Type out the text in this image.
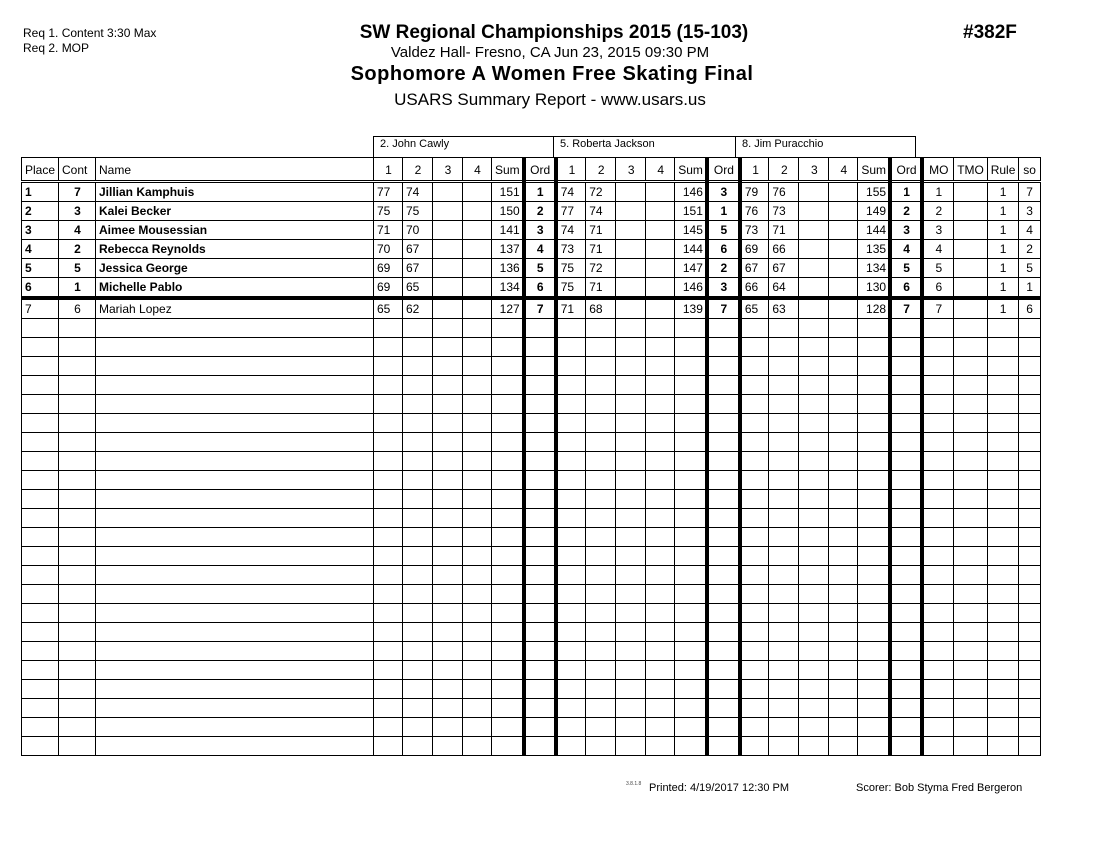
Req 1. Content 3:30 Max
Req 2. MOP
SW Regional Championships 2015 (15-103)
Valdez Hall- Fresno, CA Jun 23, 2015 09:30 PM
Sophomore A Women Free Skating Final
USARS Summary Report - www.usars.us
#382F
2. John Cawly	5. Roberta Jackson	8. Jim Puracchio
Place	Cont	Name	1	2	3	4	Sum	Ord	1	2	3	4	Sum	Ord	1	2	3	4	Sum	Ord	MO	TMO	Rule	so
1	7	Jillian Kamphuis	77	74			151	1	74	72			146	3	79	76			155	1	1		1	7
2	3	Kalei Becker	75	75			150	2	77	74			151	1	76	73			149	2	2		1	3
3	4	Aimee Mousessian	71	70			141	3	74	71			145	5	73	71			144	3	3		1	4
4	2	Rebecca Reynolds	70	67			137	4	73	71			144	6	69	66			135	4	4		1	2
5	5	Jessica George	69	67			136	5	75	72			147	2	67	67			134	5	5		1	5
6	1	Michelle Pablo	69	65			134	6	75	71			146	3	66	64			130	6	6		1	1
7	6	Mariah Lopez	65	62			127	7	71	68			139	7	65	63			128	7	7		1	6

3.8.1.8 Printed: 4/19/2017 12:30 PM	Scorer: Bob Styma Fred Bergeron
